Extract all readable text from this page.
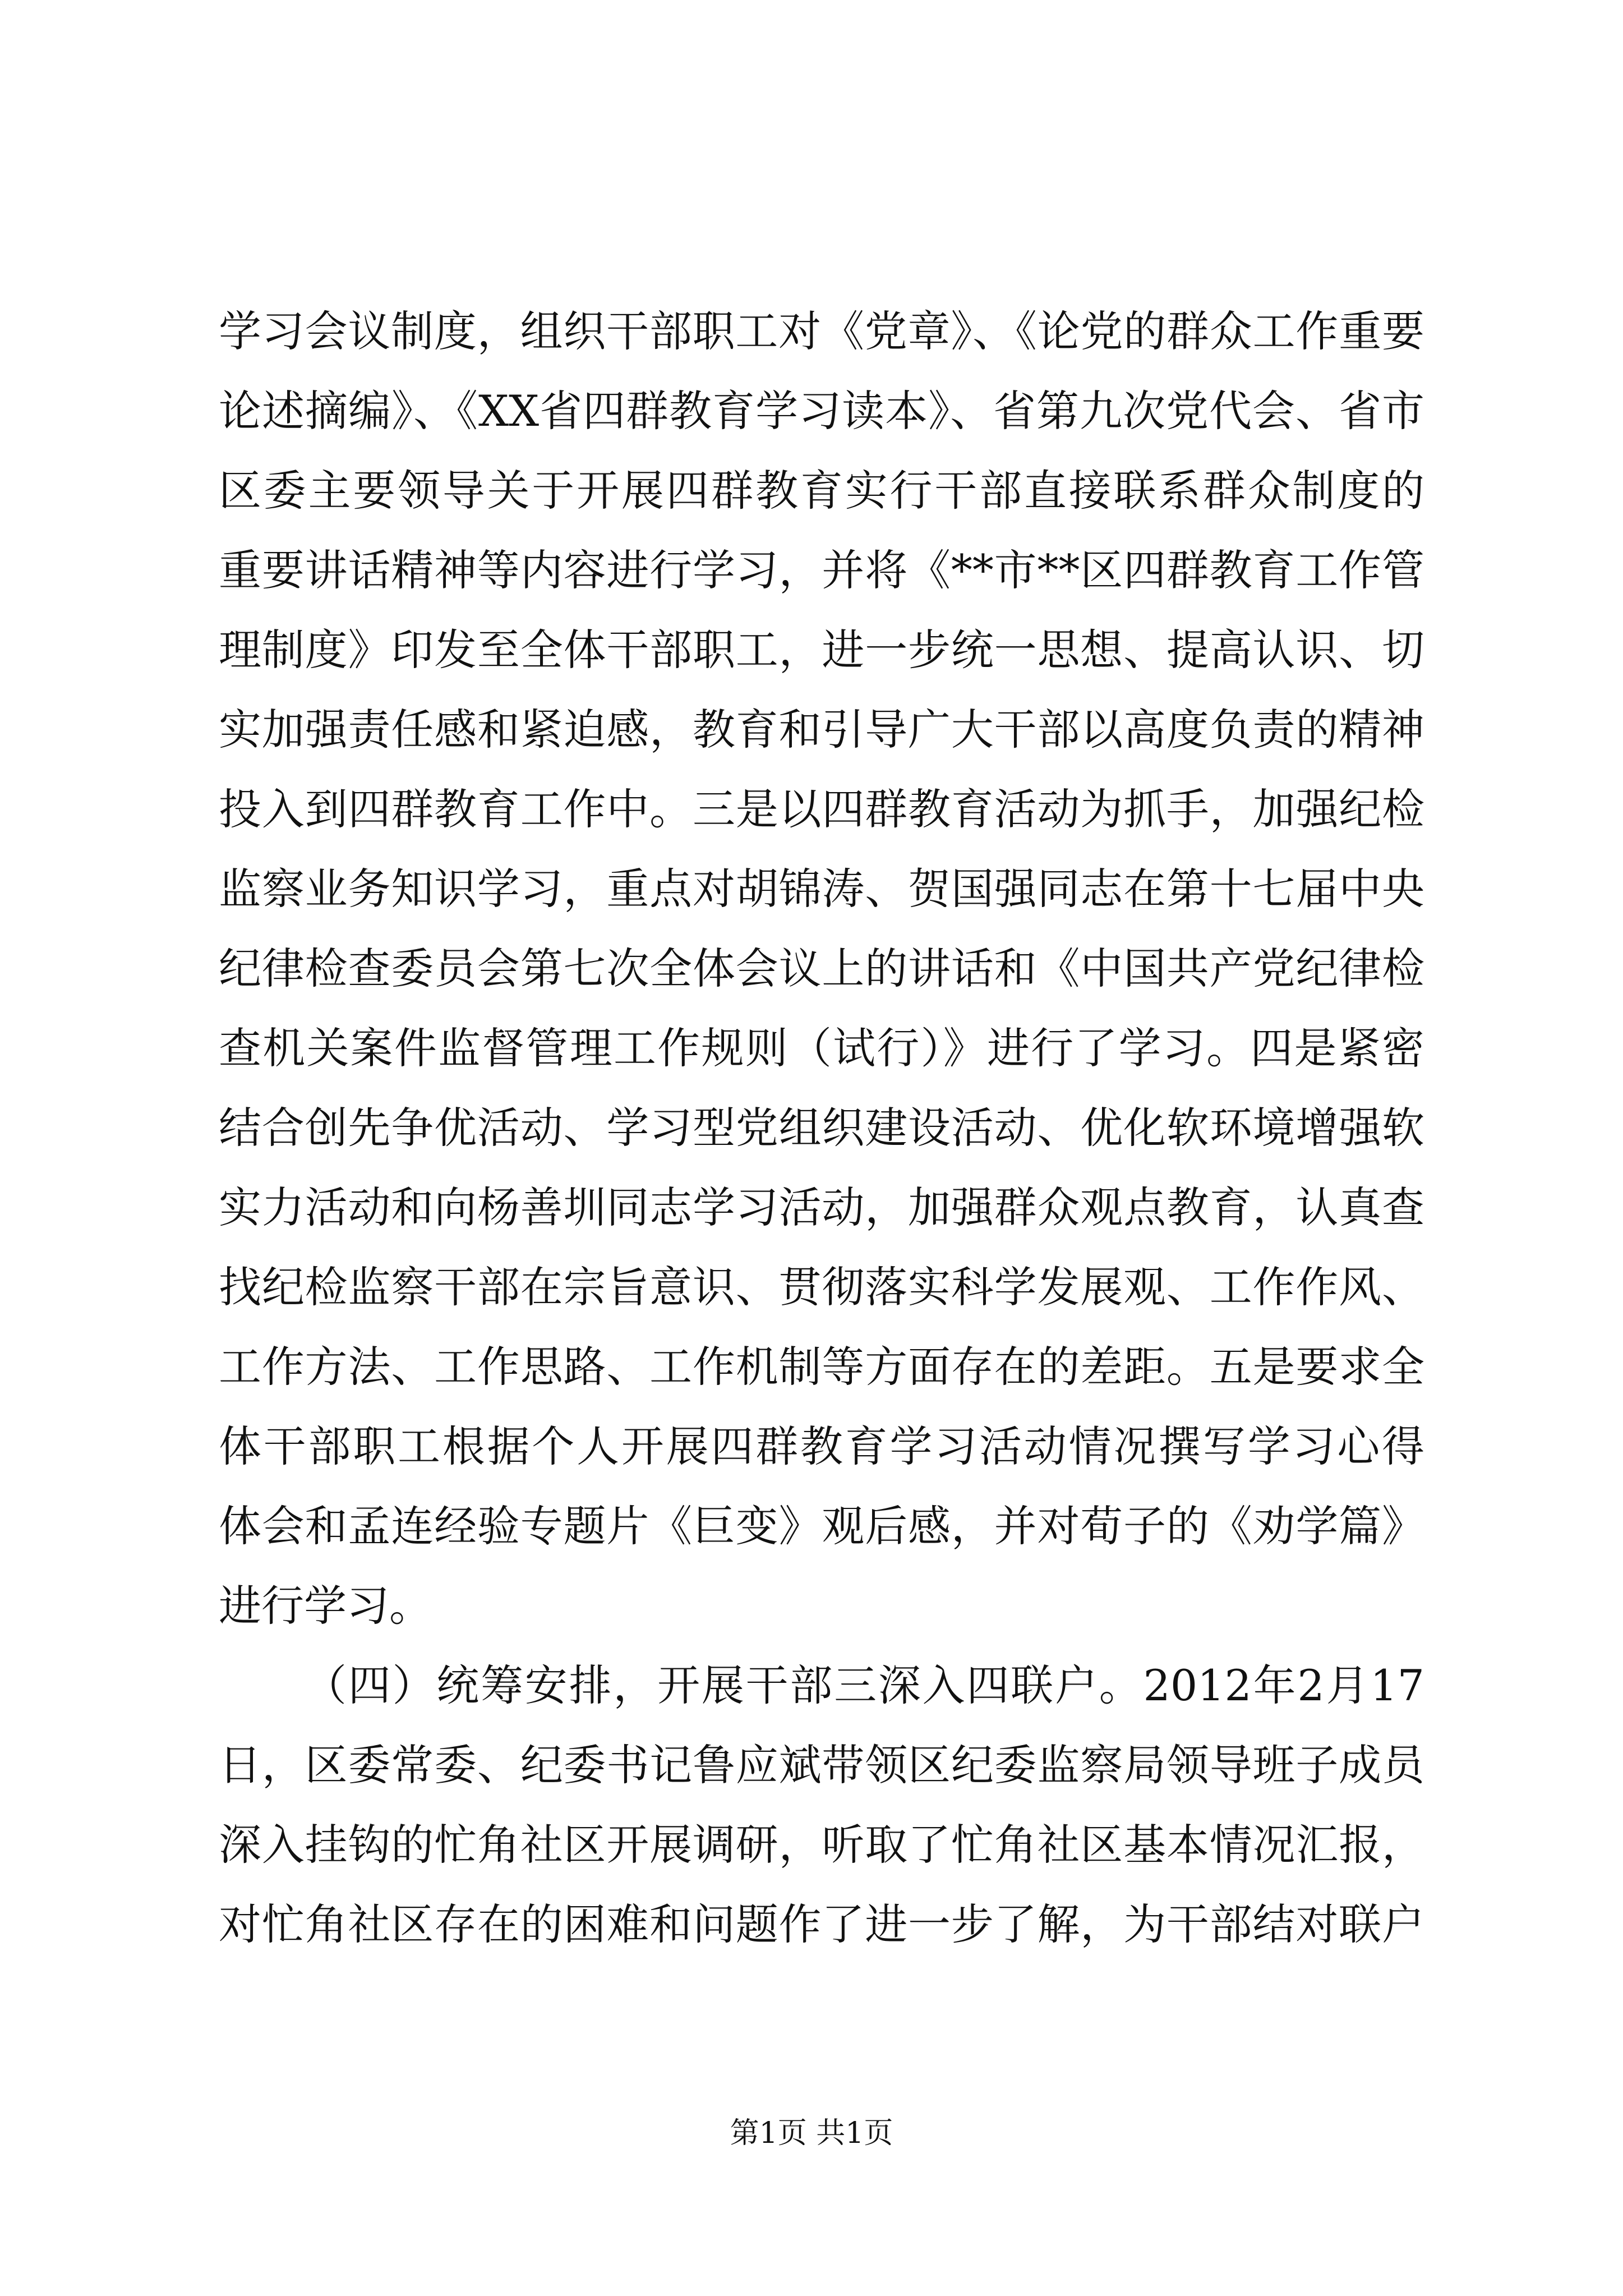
学习会议制度，组织干部职工对《党章》、《论党的群众工作重要
论述摘编》、《XX省四群教育学习读本》、省第九次党代会、省市
区委主要领导关于开展四群教育实行干部直接联系群众制度的
重要讲话精神等内容进行学习，并将《**市**区四群教育工作管
理制度》印发至全体干部职工，进一步统一思想、提高认识、切
实加强责任感和紧迫感，教育和引导广大干部以高度负责的精神
投入到四群教育工作中。三是以四群教育活动为抓手，加强纪检
监察业务知识学习，重点对胡锦涛、贺国强同志在第十七届中央
纪律检查委员会第七次全体会议上的讲话和《中国共产党纪律检
查机关案件监督管理工作规则（试行）》进行了学习。四是紧密
结合创先争优活动、学习型党组织建设活动、优化软环境增强软
实力活动和向杨善圳同志学习活动，加强群众观点教育，认真查
找纪检监察干部在宗旨意识、贯彻落实科学发展观、工作作风、
工作方法、工作思路、工作机制等方面存在的差距。五是要求全
体干部职工根据个人开展四群教育学习活动情况撰写学习心得
体会和孟连经验专题片《巨变》观后感，并对荀子的《劝学篇》
进行学习。
（四）统筹安排，开展干部三深入四联户。2012年2月17
日，区委常委、纪委书记鲁应斌带领区纪委监察局领导班子成员
深入挂钩的忙角社区开展调研，听取了忙角社区基本情况汇报，
对忙角社区存在的困难和问题作了进一步了解，为干部结对联户
第1页 共1页
